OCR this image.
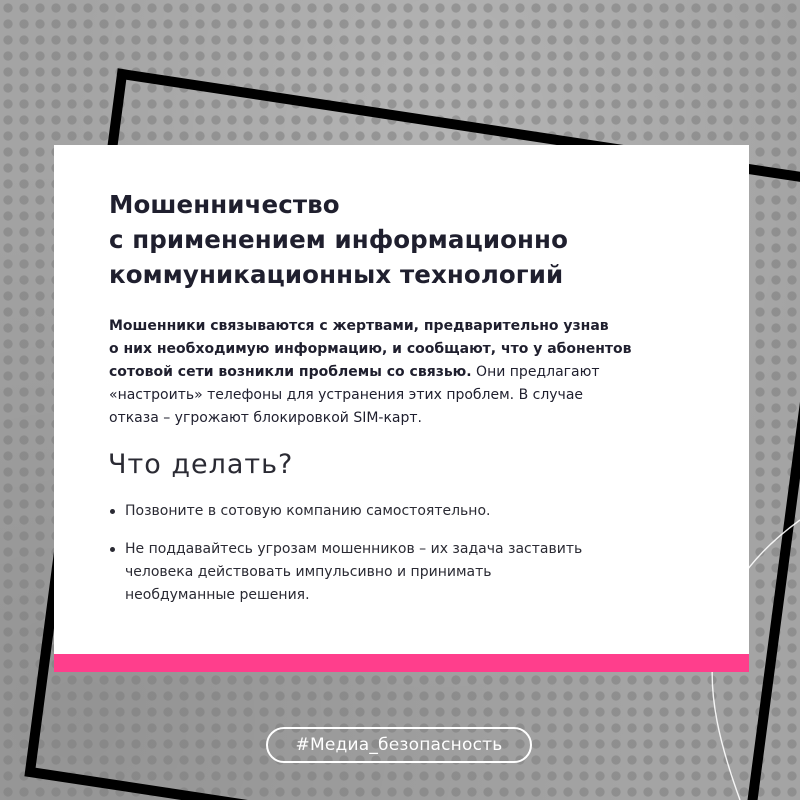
Мошенничество
с применением информационно
коммуникационных технологий

Мошенники связываются с жертвами, предварительно узнав
о них необходимую информацию, и сообщают, что у абонентов
сотовой сети возникли проблемы со связью. Они предлагают
«настроить» телефоны для устранения этих проблем. В случае
отказа – угрожают блокировкой SIM-карт.

Что делать?
Позвоните в сотовую компанию самостоятельно.
Не поддавайтесь угрозам мошенников – их задача заставить
человека действовать импульсивно и принимать
необдуманные решения.
#Медиа_безопасность
